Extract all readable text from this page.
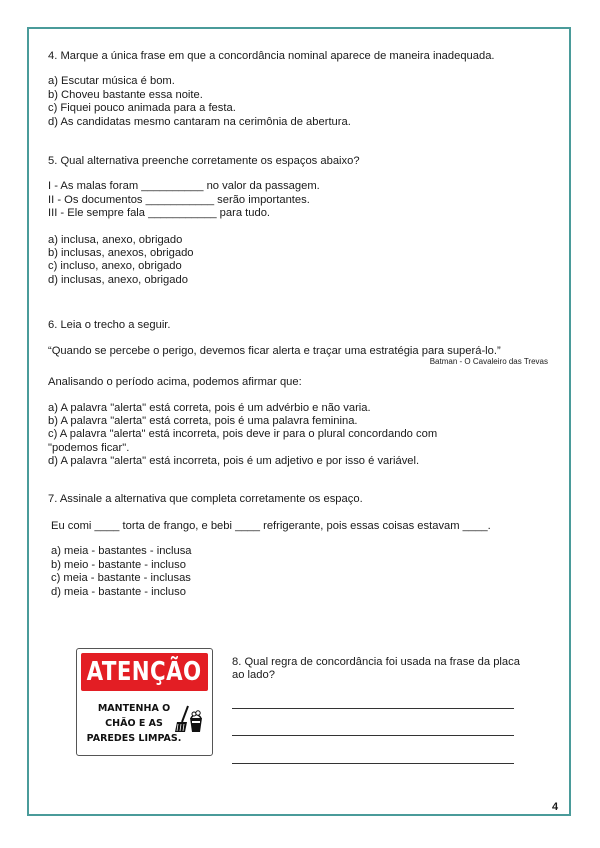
4. Marque a única frase em que a concordância nominal aparece de maneira inadequada.
a) Escutar música é bom.
b) Choveu bastante essa noite.
c) Fiquei pouco animada para a festa.
d) As candidatas mesmo cantaram na cerimônia de abertura.
5. Qual alternativa preenche corretamente os espaços abaixo?
I - As malas foram __________ no valor da passagem.
II - Os documentos ___________ serão importantes.
III - Ele sempre fala ___________ para tudo.
a) inclusa, anexo, obrigado
b) inclusas, anexos, obrigado
c) incluso, anexo, obrigado
d) inclusas, anexo, obrigado
6. Leia o trecho a seguir.
“Quando se percebe o perigo, devemos ficar alerta e traçar uma estratégia para superá-lo.”
Batman - O Cavaleiro das Trevas
Analisando o período acima, podemos afirmar que:
a) A palavra "alerta" está correta, pois é um advérbio e não varia.
b) A palavra "alerta" está correta, pois é uma palavra feminina.
c) A palavra "alerta" está incorreta, pois deve ir para o plural concordando com
"podemos ficar".
d) A palavra "alerta" está incorreta, pois é um adjetivo e por isso é variável.
7. Assinale a alternativa que completa corretamente os espaço.
Eu comi ____ torta de frango, e bebi ____ refrigerante, pois essas coisas estavam ____.
a) meia - bastantes - inclusa
b) meio - bastante - incluso
c) meia - bastante - inclusas
d) meia - bastante - incluso
ATENÇÃO
MANTENHA O
CHÃO E AS
PAREDES LIMPAS.
8. Qual regra de concordância foi usada na frase da placa ao lado?
4
